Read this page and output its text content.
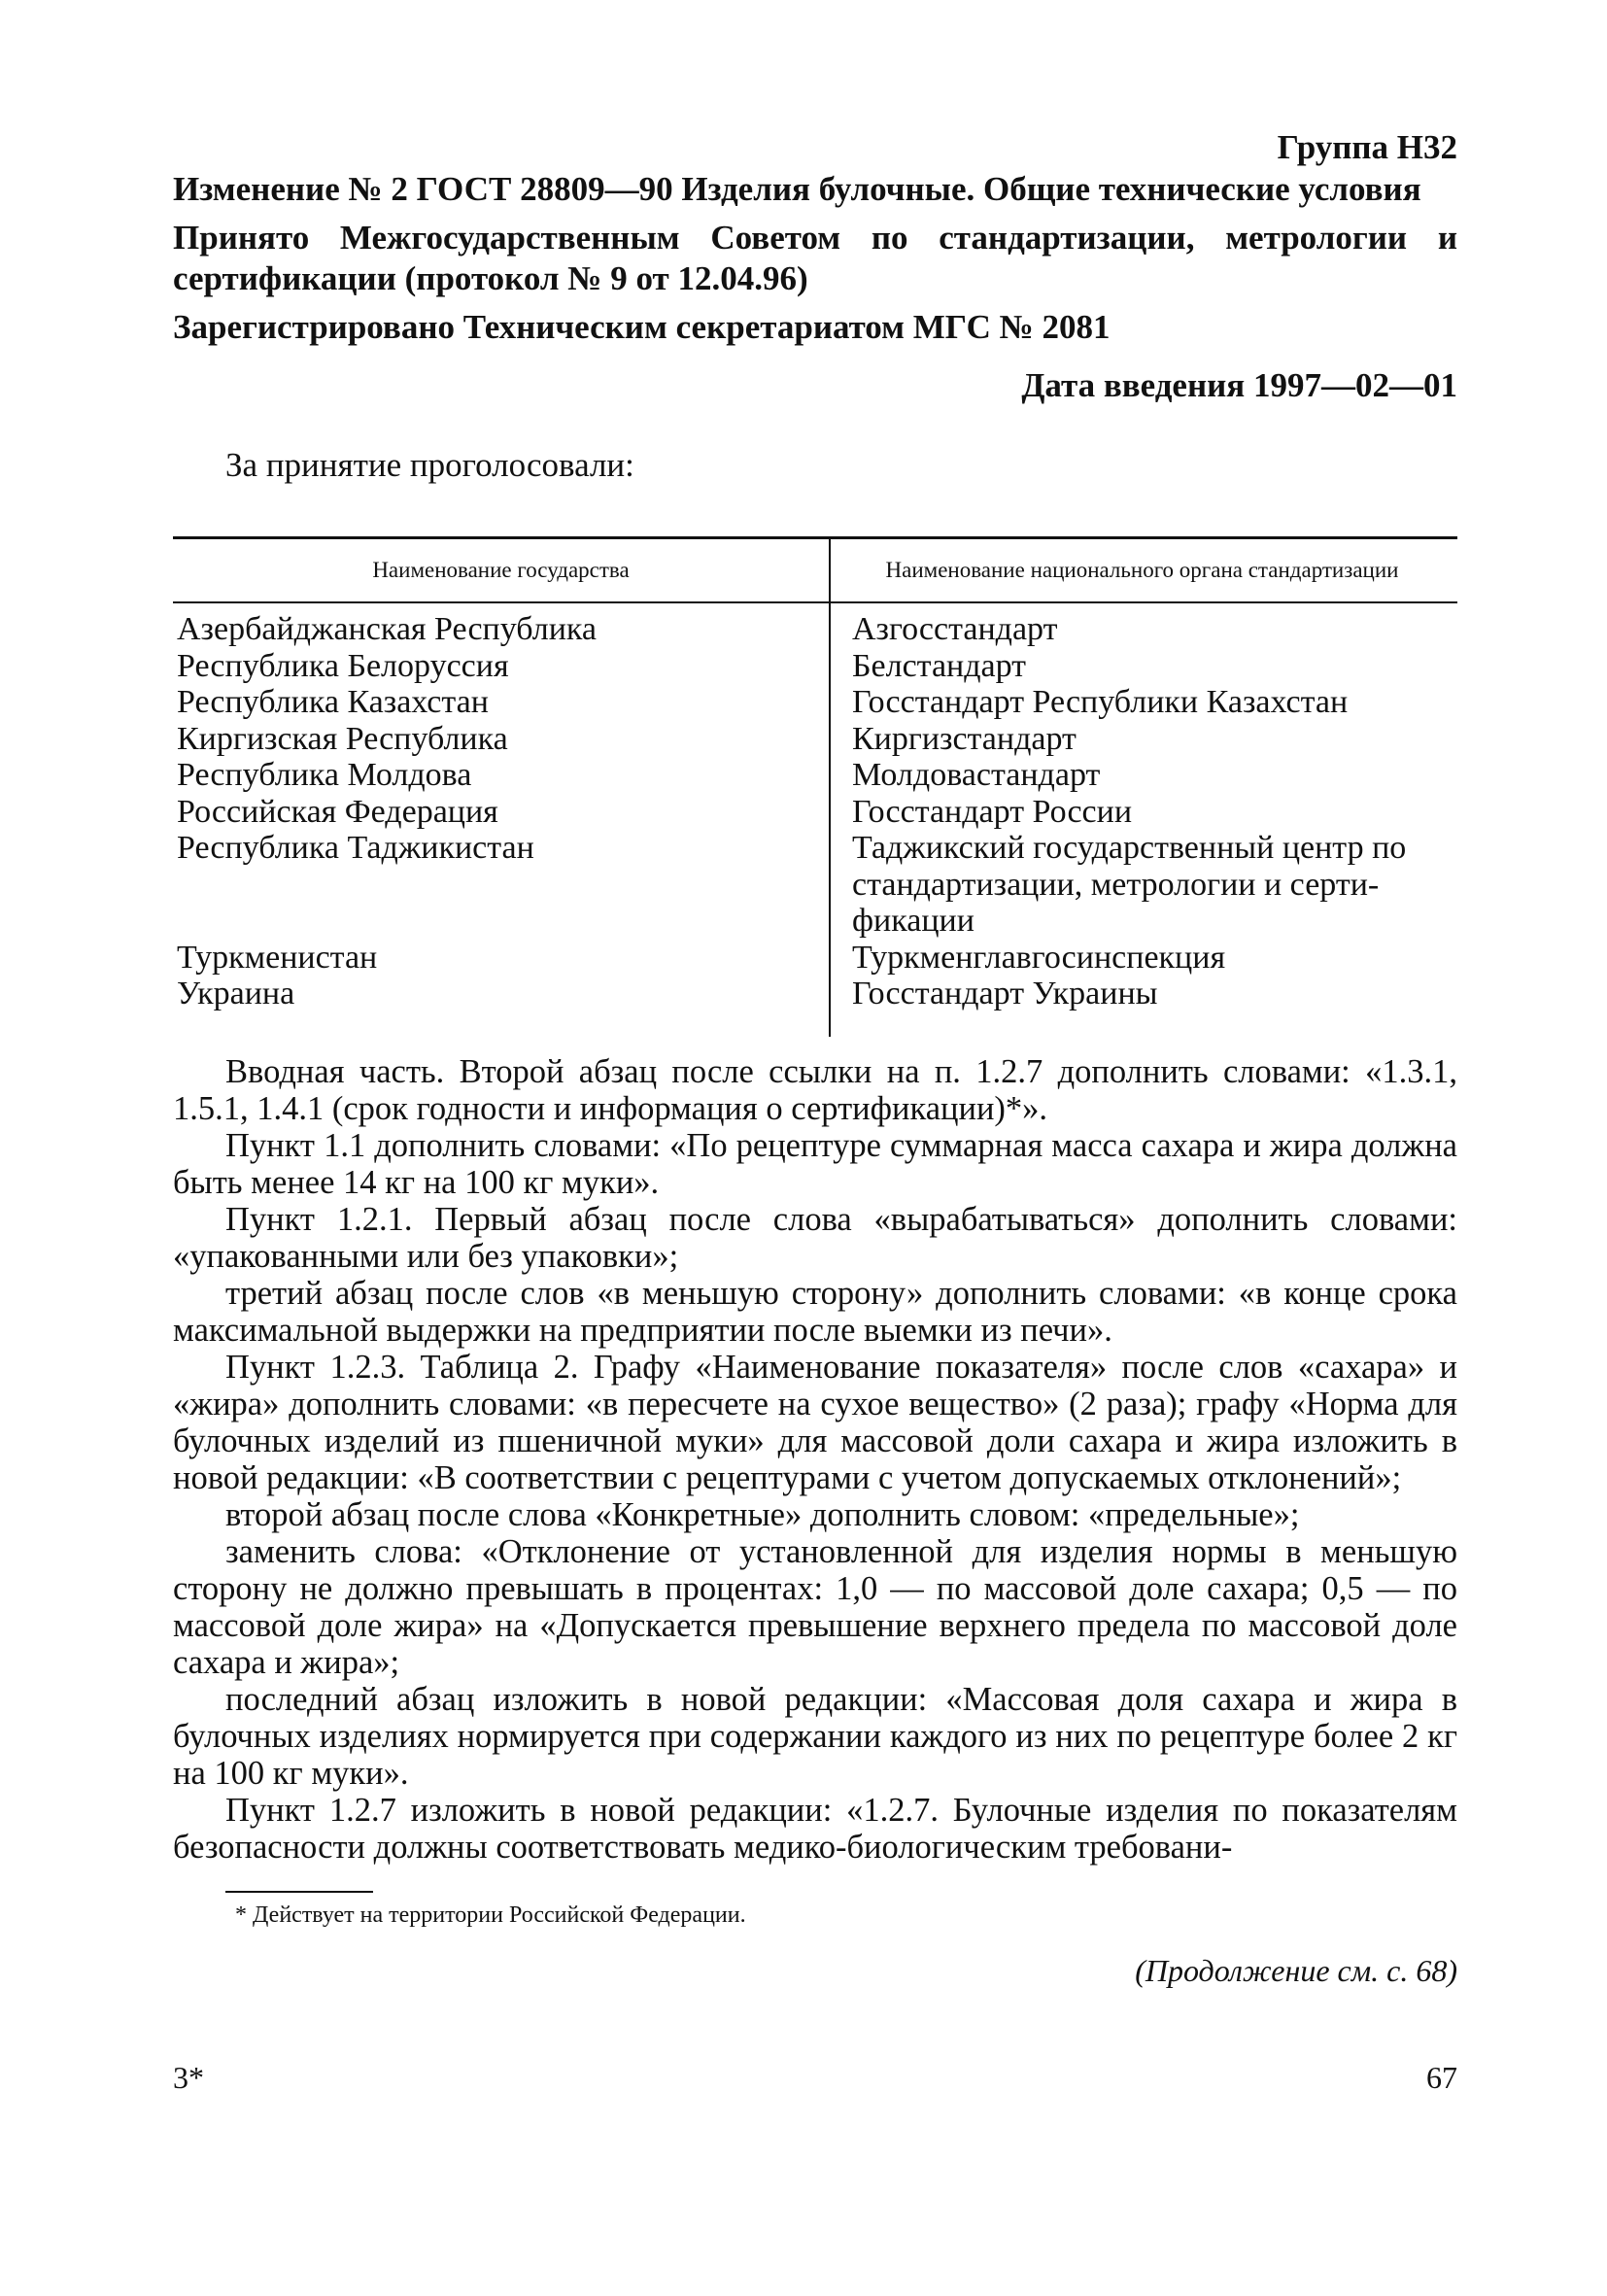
Группа Н32

Изменение № 2 ГОСТ 28809—90 Изделия булочные. Общие технические условия

Принято Межгосударственным Советом по стандартизации, метрологии и сертификации (протокол № 9 от 12.04.96)

Зарегистрировано Техническим секретариатом МГС № 2081

Дата введения 1997—02—01
За принятие проголосовали:
Наименование государства	Наименование национального органа стандартизации
Азербайджанская Республика
Республика Белоруссия
Республика Казахстан
Киргизская Республика
Республика Молдова
Российская Федерация
Республика Таджикистан

Туркменистан
Украина
Азгосстандарт
Белстандарт
Госстандарт Республики Казахстан
Киргизстандарт
Молдовастандарт
Госстандарт России
Таджикский государственный центр по
стандартизации, метрологии и серти-
фикации
Туркменглавгосинспекция
Госстандарт Украины

Вводная часть. Второй абзац после ссылки на п. 1.2.7 дополнить словами: «1.3.1, 1.5.1, 1.4.1 (срок годности и информация о сертификации)*».

Пункт 1.1 дополнить словами: «По рецептуре суммарная масса сахара и жира должна быть менее 14 кг на 100 кг муки».

Пункт 1.2.1. Первый абзац после слова «вырабатываться» дополнить словами: «упакованными или без упаковки»;

третий абзац после слов «в меньшую сторону» дополнить словами: «в конце срока максимальной выдержки на предприятии после выемки из печи».

Пункт 1.2.3. Таблица 2. Графу «Наименование показателя» после слов «сахара» и «жира» дополнить словами: «в пересчете на сухое вещество» (2 раза); графу «Норма для булочных изделий из пшеничной муки» для массовой доли сахара и жира изложить в новой редакции: «В соответствии с рецептурами с учетом допускаемых отклонений»;

второй абзац после слова «Конкретные» дополнить словом: «предельные»;

заменить слова: «Отклонение от установленной для изделия нормы в меньшую сторону не должно превышать в процентах: 1,0 — по массовой доле сахара; 0,5 — по массовой доле жира» на «Допускается превышение верхнего предела по массовой доле сахара и жира»;

последний абзац изложить в новой редакции: «Массовая доля сахара и жира в булочных изделиях нормируется при содержании каждого из них по рецептуре более 2 кг на 100 кг муки».

Пункт 1.2.7 изложить в новой редакции: «1.2.7. Булочные изделия по показателям безопасности должны соответствовать медико-биологическим требовани-

* Действует на территории Российской Федерации.
(Продолжение см. с. 68)
3*	67
